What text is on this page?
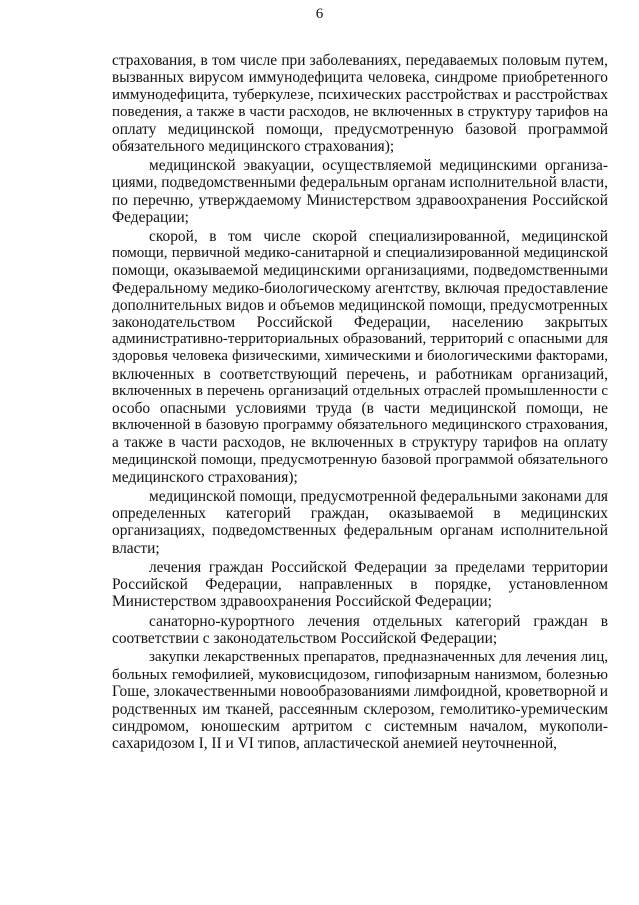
6

страхования, в том числе при заболеваниях, передаваемых половым путем,
вызванных вирусом иммунодефицита человека, синдроме приобретенного
иммунодефицита, туберкулезе, психических расстройствах и расстройствах
поведения, а также в части расходов, не включенных в структуру тарифов на
оплату медицинской помощи, предусмотренную базовой программой
обязательного медицинского страхования);

медицинской эвакуации, осуществляемой медицинскими организа-
циями, подведомственными федеральным органам исполнительной власти,
по перечню, утверждаемому Министерством здравоохранения Российской
Федерации;

скорой, в том числе скорой специализированной, медицинской
помощи, первичной медико-санитарной и специализированной медицинской
помощи, оказываемой медицинскими организациями, подведомственными
Федеральному медико-биологическому агентству, включая предоставление
дополнительных видов и объемов медицинской помощи, предусмотренных
законодательством Российской Федерации, населению закрытых
административно-территориальных образований, территорий с опасными для
здоровья человека физическими, химическими и биологическими факторами,
включенных в соответствующий перечень, и работникам организаций,
включенных в перечень организаций отдельных отраслей промышленности с
особо опасными условиями труда (в части медицинской помощи, не
включенной в базовую программу обязательного медицинского страхования,
а также в части расходов, не включенных в структуру тарифов на оплату
медицинской помощи, предусмотренную базовой программой обязательного
медицинского страхования);

медицинской помощи, предусмотренной федеральными законами для
определенных категорий граждан, оказываемой в медицинских
организациях, подведомственных федеральным органам исполнительной
власти;

лечения граждан Российской Федерации за пределами территории
Российской Федерации, направленных в порядке, установленном
Министерством здравоохранения Российской Федерации;

санаторно-курортного лечения отдельных категорий граждан в
соответствии с законодательством Российской Федерации;

закупки лекарственных препаратов, предназначенных для лечения лиц,
больных гемофилией, муковисцидозом, гипофизарным нанизмом, болезнью
Гоше, злокачественными новообразованиями лимфоидной, кроветворной и
родственных им тканей, рассеянным склерозом, гемолитико-уремическим
синдромом, юношеским артритом с системным началом, мукополи-
сахаридозом I, II и VI типов, апластической анемией неуточненной,
